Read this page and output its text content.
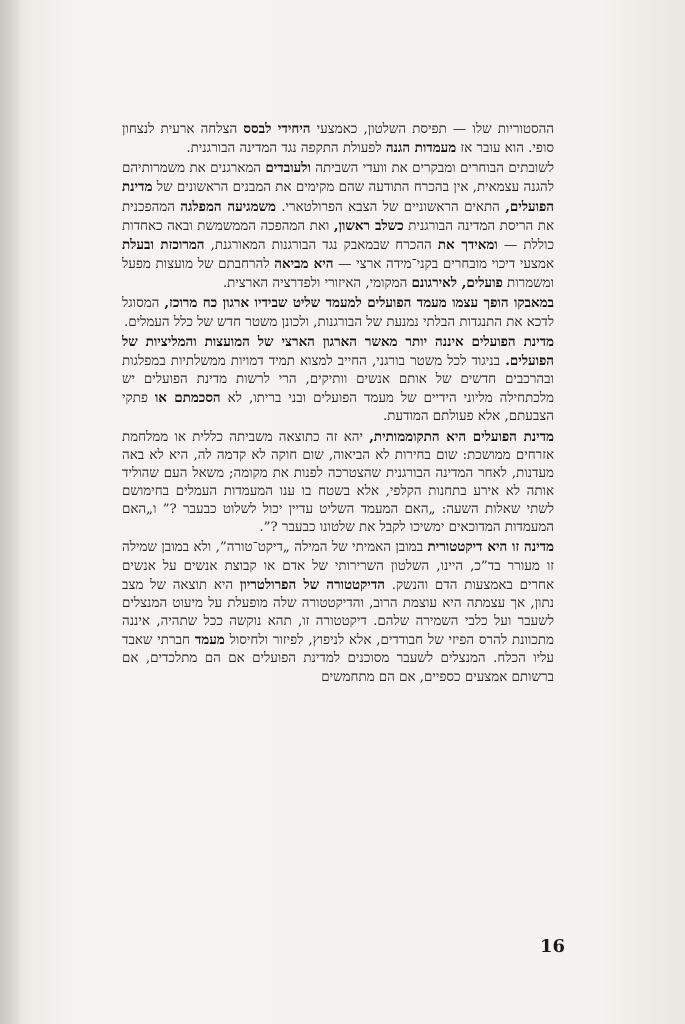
ההסטוריות שלו — תפיסת השלטון, כאמצעי היחידי לבסס הצלחה ארעית לנצחון סופי. הוא עובר אז מעמדות הגנה לפעולת התקפה נגד המדינה הבורגנית.

לשובתים הבוחרים ומבקרים את וועדי השביתה ולעובדים המארגנים את משמרותיהם להגנה עצמאית, אין בהכרח התודעה שהם מקימים את המבנים הראשונים של מדינת הפועלים, התאים הראשוניים של הצבא הפרולטארי. משמגיעה המפלגה המהפכנית את הריסת המדינה הבורגנית כשלב ראשון, ואת המהפכה הממשמשת ובאה כאחדות כוללת — ומאידך את ההכרח שבמאבק נגד הבורגנות המאורגנת, המרוכזת ובעלת אמצעי דיכוי מובחרים בקני־מידה ארצי — היא מביאה להרחבתם של מועצות מפעל ומשמרות פועלים, לאירגונם המקומי, האיזורי ולפדרציה הארצית.

במאבקו הופך עצמו מעמד הפועלים למעמד שליט שבידיו ארגון כח מרוכז, המסוגל לדכא את התנגדות הבלתי נמנעת של הבורגנות, ולכונן משטר חדש של כלל העמלים.

מדינת הפועלים איננה יותר מאשר הארגון הארצי של המועצות והמליציות של הפועלים. בניגוד לכל משטר בורגני, החייב למצוא תמיד דמויות ממשלתיות במפלגות ובהרכבים חדשים של אותם אנשים וותיקים, הרי לרשות מדינת הפועלים יש מלכתחילה מליוני הידיים של מעמד הפועלים ובני בריתו, לא הסכמתם או פתקי הצבעתם, אלא פעולתם המודעת.

מדינת הפועלים היא התקוממותית, יהא זה כתוצאה משביתה כללית או ממלחמת אזרחים ממושכת: שום בחירות לא הביאוה, שום חוקה לא קדמה לה, היא לא באה מעדנות, לאחר המדינה הבורגנית שהצטרכה לפנות את מקומה; משאל העם שהוליד אותה לא אירע בתחנות הקלפי, אלא בשטח בו ענו המעמדות העמלים בחימושם לשתי שאלות השעה: „האם המעמד השליט עדיין יכול לשלוט כבעבר ?” ו„האם המעמדות המדוכאים ימשיכו לקבל את שלטונו כבעבר ?”.

מדינה זו היא דיקטטורית במובן האמיתי של המילה „דיקט־טורה”, ולא במובן שמילה זו מעורר בד”כ, היינו, השלטון השרירותי של אדם או קבוצת אנשים על אנשים אחרים באמצעות הדם והנשק. הדיקטטורה של הפרולטריון היא תוצאה של מצב נתון, אך עצמתה היא עוצמת הרוב, והדיקטטורה שלה מופעלת על מיעוט המנצלים לשעבר ועל כלבי השמירה שלהם. דיקטטורה זו, תהא נוקשה ככל שתהיה, איננה מתכוונת להרס הפיזי של חבודדים, אלא לניפוץ, לפיזור ולחיסול מעמד חברתי שאבד עליו הכלח. המנצלים לשעבר מסוכנים למדינת הפועלים אם הם מתלכדים, אם ברשותם אמצעים כספיים, אם הם מתחמשים

16
